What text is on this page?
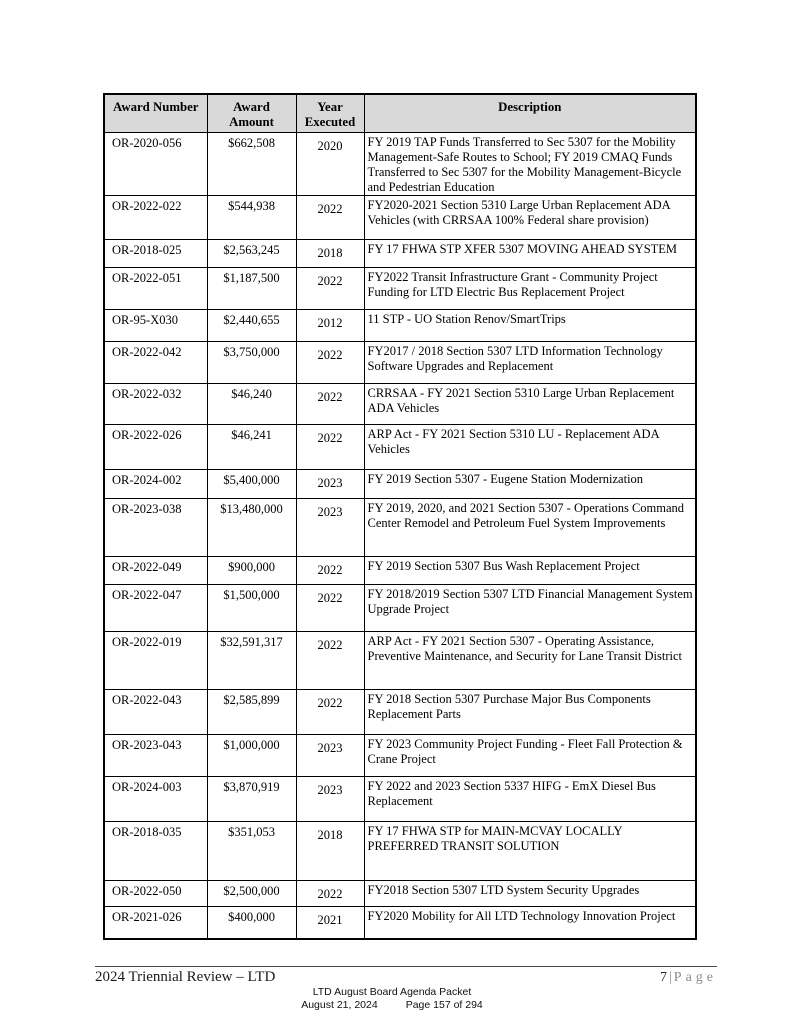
Award Number	Award Amount	Year Executed	Description
OR-2020-056	$662,508	2020	FY 2019 TAP Funds Transferred to Sec 5307 for the Mobility Management-Safe Routes to School; FY 2019 CMAQ Funds Transferred to Sec 5307 for the Mobility Management-Bicycle and Pedestrian Education
OR-2022-022	$544,938	2022	FY2020-2021 Section 5310 Large Urban Replacement ADA Vehicles (with CRRSAA 100% Federal share provision)
OR-2018-025	$2,563,245	2018	FY 17 FHWA STP XFER 5307 MOVING AHEAD SYSTEM
OR-2022-051	$1,187,500	2022	FY2022 Transit Infrastructure Grant - Community Project Funding for LTD Electric Bus Replacement Project
OR-95-X030	$2,440,655	2012	11 STP - UO Station Renov/SmartTrips
OR-2022-042	$3,750,000	2022	FY2017 / 2018 Section 5307 LTD Information Technology Software Upgrades and Replacement
OR-2022-032	$46,240	2022	CRRSAA - FY 2021 Section 5310 Large Urban Replacement ADA Vehicles
OR-2022-026	$46,241	2022	ARP Act - FY 2021 Section 5310 LU - Replacement ADA Vehicles
OR-2024-002	$5,400,000	2023	FY 2019 Section 5307 - Eugene Station Modernization
OR-2023-038	$13,480,000	2023	FY 2019, 2020, and 2021 Section 5307 - Operations Command Center Remodel and Petroleum Fuel System Improvements
OR-2022-049	$900,000	2022	FY 2019 Section 5307 Bus Wash Replacement Project
OR-2022-047	$1,500,000	2022	FY 2018/2019 Section 5307 LTD Financial Management System Upgrade Project
OR-2022-019	$32,591,317	2022	ARP Act - FY 2021 Section 5307 - Operating Assistance, Preventive Maintenance, and Security for Lane Transit District
OR-2022-043	$2,585,899	2022	FY 2018 Section 5307 Purchase Major Bus Components Replacement Parts
OR-2023-043	$1,000,000	2023	FY 2023 Community Project Funding - Fleet Fall Protection & Crane Project
OR-2024-003	$3,870,919	2023	FY 2022 and 2023 Section 5337 HIFG - EmX Diesel Bus Replacement
OR-2018-035	$351,053	2018	FY 17 FHWA STP for MAIN-MCVAY LOCALLY PREFERRED TRANSIT SOLUTION
OR-2022-050	$2,500,000	2022	FY2018 Section 5307 LTD System Security Upgrades
OR-2021-026	$400,000	2021	FY2020 Mobility for All LTD Technology Innovation Project
2024 Triennial Review – LTD	7 | Page
LTD August Board Agenda Packet
August 21, 2024	Page 157 of 294
